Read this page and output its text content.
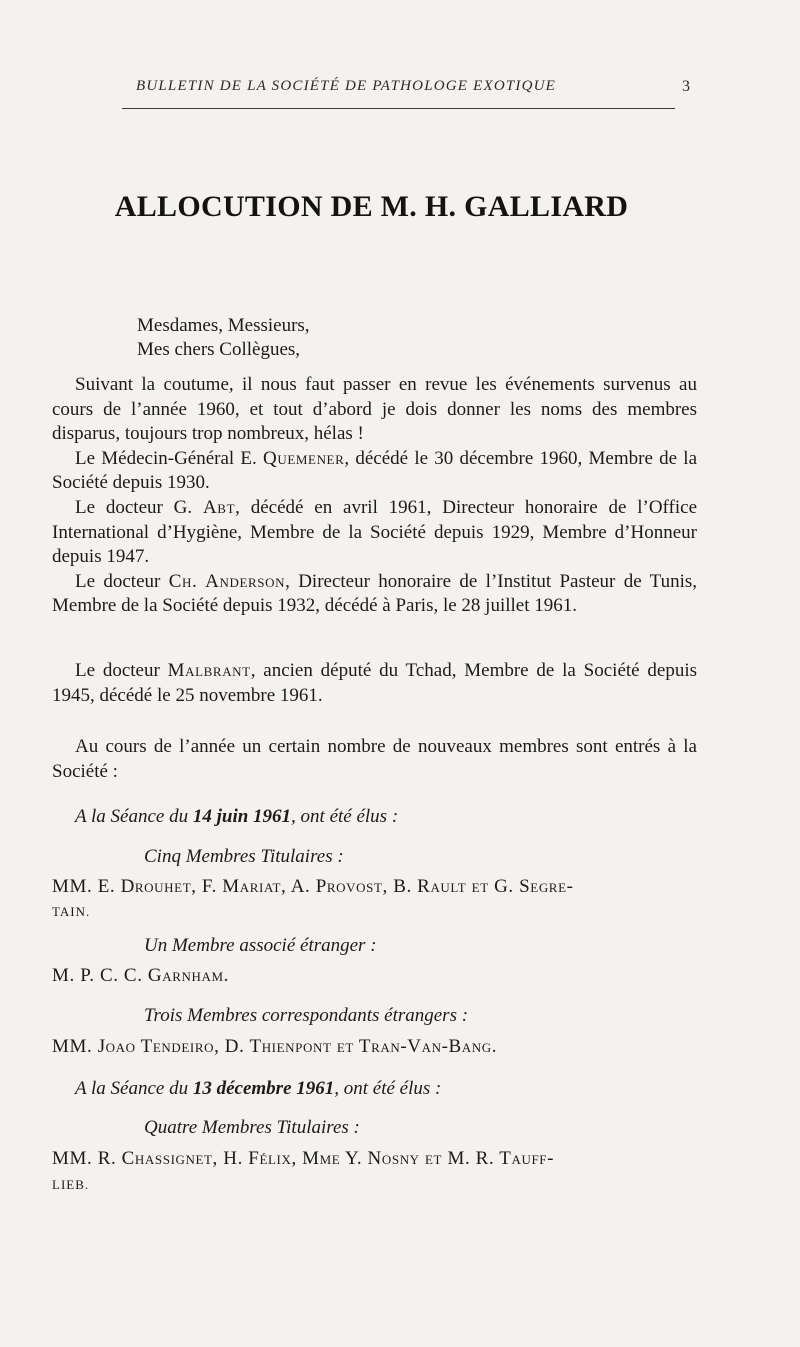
BULLETIN DE LA SOCIÉTÉ DE PATHOLOGE EXOTIQUE	3
ALLOCUTION DE M. H. GALLIARD
Mesdames, Messieurs,
Mes chers Collègues,

Suivant la coutume, il nous faut passer en revue les événements survenus au cours de l’année 1960, et tout d’abord je dois donner les noms des membres disparus, toujours trop nombreux, hélas !

Le Médecin-Général E. Quemener, décédé le 30 décembre 1960, Membre de la Société depuis 1930.

Le docteur G. Abt, décédé en avril 1961, Directeur honoraire de l’Office International d’Hygiène, Membre de la Société depuis 1929, Membre d’Honneur depuis 1947.

Le docteur Ch. Anderson, Directeur honoraire de l’Institut Pasteur de Tunis, Membre de la Société depuis 1932, décédé à Paris, le 28 juillet 1961.

Le docteur Malbrant, ancien député du Tchad, Membre de la Société depuis 1945, décédé le 25 novembre 1961.

Au cours de l’année un certain nombre de nouveaux membres sont entrés à la Société :

A la Séance du 14 juin 1961, ont été élus :
Cinq Membres Titulaires :
MM. E. Drouhet, F. Mariat, A. Provost, B. Rault et G. Segre-
TAIN.
Un Membre associé étranger :
M. P. C. C. Garnham.
Trois Membres correspondants étrangers :
MM. Joao Tendeiro, D. Thienpont et Tran-Van-Bang.
A la Séance du 13 décembre 1961, ont été élus :
Quatre Membres Titulaires :
MM. R. Chassignet, H. Félix, Mme Y. Nosny et M. R. Tauff-
LIEB.
